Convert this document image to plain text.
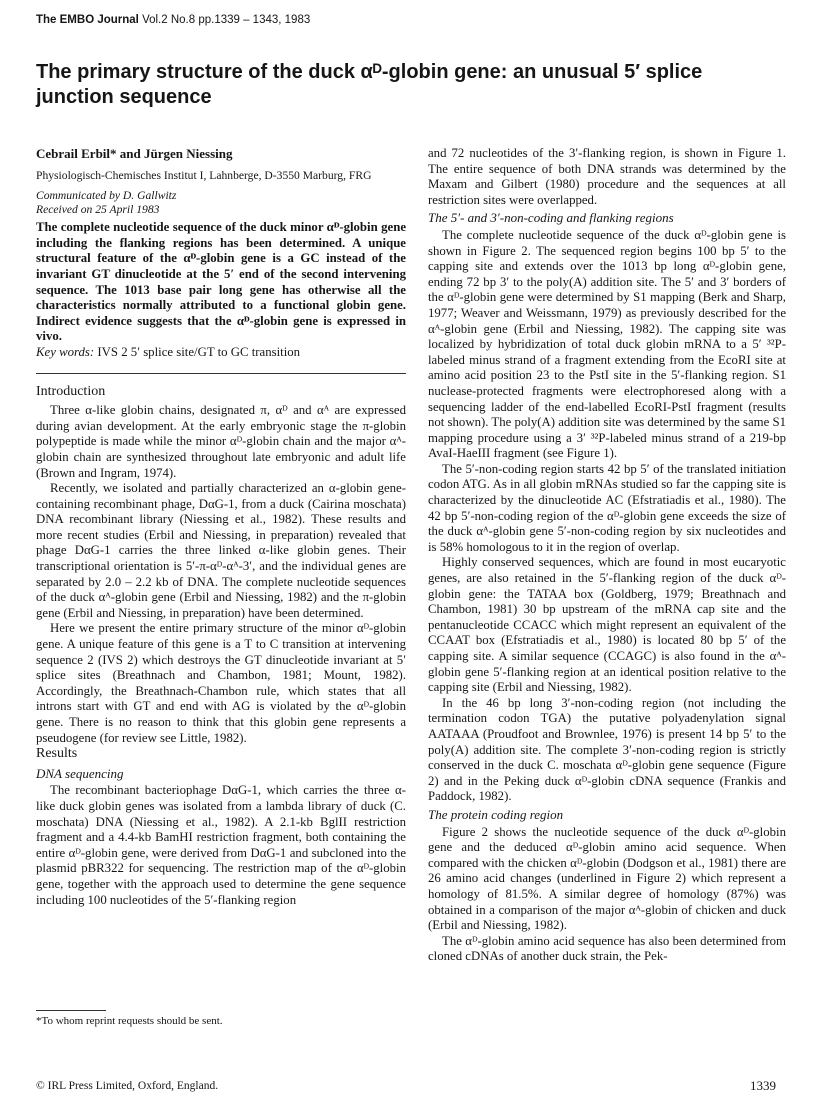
The EMBO Journal Vol.2 No.8 pp.1339 – 1343, 1983
The primary structure of the duck αᴰ-globin gene: an unusual 5′ splice
junction sequence

Cebrail Erbil* and Jürgen Niessing

Physiologisch-Chemisches Institut I, Lahnberge, D-3550 Marburg, FRG

Communicated by D. Gallwitz

Received on 25 April 1983

The complete nucleotide sequence of the duck minor αᴰ-globin gene including the flanking regions has been determined. A unique structural feature of the αᴰ-globin gene is a GC instead of the invariant GT dinucleotide at the 5′ end of the second intervening sequence. The 1013 base pair long gene has otherwise all the characteristics normally attributed to a functional globin gene. Indirect evidence suggests that the αᴰ-globin gene is expressed in vivo.

Key words: IVS 2 5′ splice site/GT to GC transition

Introduction

Three α-like globin chains, designated π, αᴰ and αᴬ are expressed during avian development. At the early embryonic stage the π-globin polypeptide is made while the minor αᴰ-globin chain and the major αᴬ-globin chain are synthesized throughout late embryonic and adult life (Brown and Ingram, 1974).

Recently, we isolated and partially characterized an α-globin gene-containing recombinant phage, DαG-1, from a duck (Cairina moschata) DNA recombinant library (Niessing et al., 1982). These results and more recent studies (Erbil and Niessing, in preparation) revealed that phage DαG-1 carries the three linked α-like globin genes. Their transcriptional orientation is 5′-π-αᴰ-αᴬ-3′, and the individual genes are separated by 2.0 – 2.2 kb of DNA. The complete nucleotide sequences of the duck αᴬ-globin gene (Erbil and Niessing, 1982) and the π-globin gene (Erbil and Niessing, in preparation) have been determined.

Here we present the entire primary structure of the minor αᴰ-globin gene. A unique feature of this gene is a T to C transition at intervening sequence 2 (IVS 2) which destroys the GT dinucleotide invariant at 5′ splice sites (Breathnach and Chambon, 1981; Mount, 1982). Accordingly, the Breathnach-Chambon rule, which states that all introns start with GT and end with AG is violated by the αᴰ-globin gene. There is no reason to think that this globin gene represents a pseudogene (for review see Little, 1982).

Results
DNA sequencing

The recombinant bacteriophage DαG-1, which carries the three α-like duck globin genes was isolated from a lambda library of duck (C. moschata) DNA (Niessing et al., 1982). A 2.1-kb BglII restriction fragment and a 4.4-kb BamHI restriction fragment, both containing the entire αᴰ-globin gene, were derived from DαG-1 and subcloned into the plasmid pBR322 for sequencing. The restriction map of the αᴰ-globin gene, together with the approach used to determine the gene sequence including 100 nucleotides of the 5′-flanking region

and 72 nucleotides of the 3′-flanking region, is shown in Figure 1. The entire sequence of both DNA strands was determined by the Maxam and Gilbert (1980) procedure and the sequences at all restriction sites were overlapped.

The 5′- and 3′-non-coding and flanking regions

The complete nucleotide sequence of the duck αᴰ-globin gene is shown in Figure 2. The sequenced region begins 100 bp 5′ to the capping site and extends over the 1013 bp long αᴰ-globin gene, ending 72 bp 3′ to the poly(A) addition site. The 5′ and 3′ borders of the αᴰ-globin gene were determined by S1 mapping (Berk and Sharp, 1977; Weaver and Weissmann, 1979) as previously described for the αᴬ-globin gene (Erbil and Niessing, 1982). The capping site was localized by hybridization of total duck globin mRNA to a 5′ ³²P-labeled minus strand of a fragment extending from the EcoRI site at amino acid position 23 to the PstI site in the 5′-flanking region. S1 nuclease-protected fragments were electrophoresed along with a sequencing ladder of the end-labelled EcoRI-PstI fragment (results not shown). The poly(A) addition site was determined by the same S1 mapping procedure using a 3′ ³²P-labeled minus strand of a 219-bp AvaI-HaeIII fragment (see Figure 1).

The 5′-non-coding region starts 42 bp 5′ of the translated initiation codon ATG. As in all globin mRNAs studied so far the capping site is characterized by the dinucleotide AC (Efstratiadis et al., 1980). The 42 bp 5′-non-coding region of the αᴰ-globin gene exceeds the size of the duck αᴬ-globin gene 5′-non-coding region by six nucleotides and is 58% homologous to it in the region of overlap.

Highly conserved sequences, which are found in most eucaryotic genes, are also retained in the 5′-flanking region of the duck αᴰ-globin gene: the TATAA box (Goldberg, 1979; Breathnach and Chambon, 1981) 30 bp upstream of the mRNA cap site and the pentanucleotide CCACC which might represent an equivalent of the CCAAT box (Efstratiadis et al., 1980) is located 80 bp 5′ of the capping site. A similar sequence (CCAGC) is also found in the αᴬ-globin gene 5′-flanking region at an identical position relative to the capping site (Erbil and Niessing, 1982).

In the 46 bp long 3′-non-coding region (not including the termination codon TGA) the putative polyadenylation signal AATAAA (Proudfoot and Brownlee, 1976) is present 14 bp 5′ to the poly(A) addition site. The complete 3′-non-coding region is strictly conserved in the duck C. moschata αᴰ-globin gene sequence (Figure 2) and in the Peking duck αᴰ-globin cDNA sequence (Frankis and Paddock, 1982).

The protein coding region

Figure 2 shows the nucleotide sequence of the duck αᴰ-globin gene and the deduced αᴰ-globin amino acid sequence. When compared with the chicken αᴰ-globin (Dodgson et al., 1981) there are 26 amino acid changes (underlined in Figure 2) which represent a homology of 81.5%. A similar degree of homology (87%) was obtained in a comparison of the major αᴬ-globin of chicken and duck (Erbil and Niessing, 1982).

The αᴰ-globin amino acid sequence has also been determined from cloned cDNAs of another duck strain, the Pek-

*To whom reprint requests should be sent.
© IRL Press Limited, Oxford, England.	1339
